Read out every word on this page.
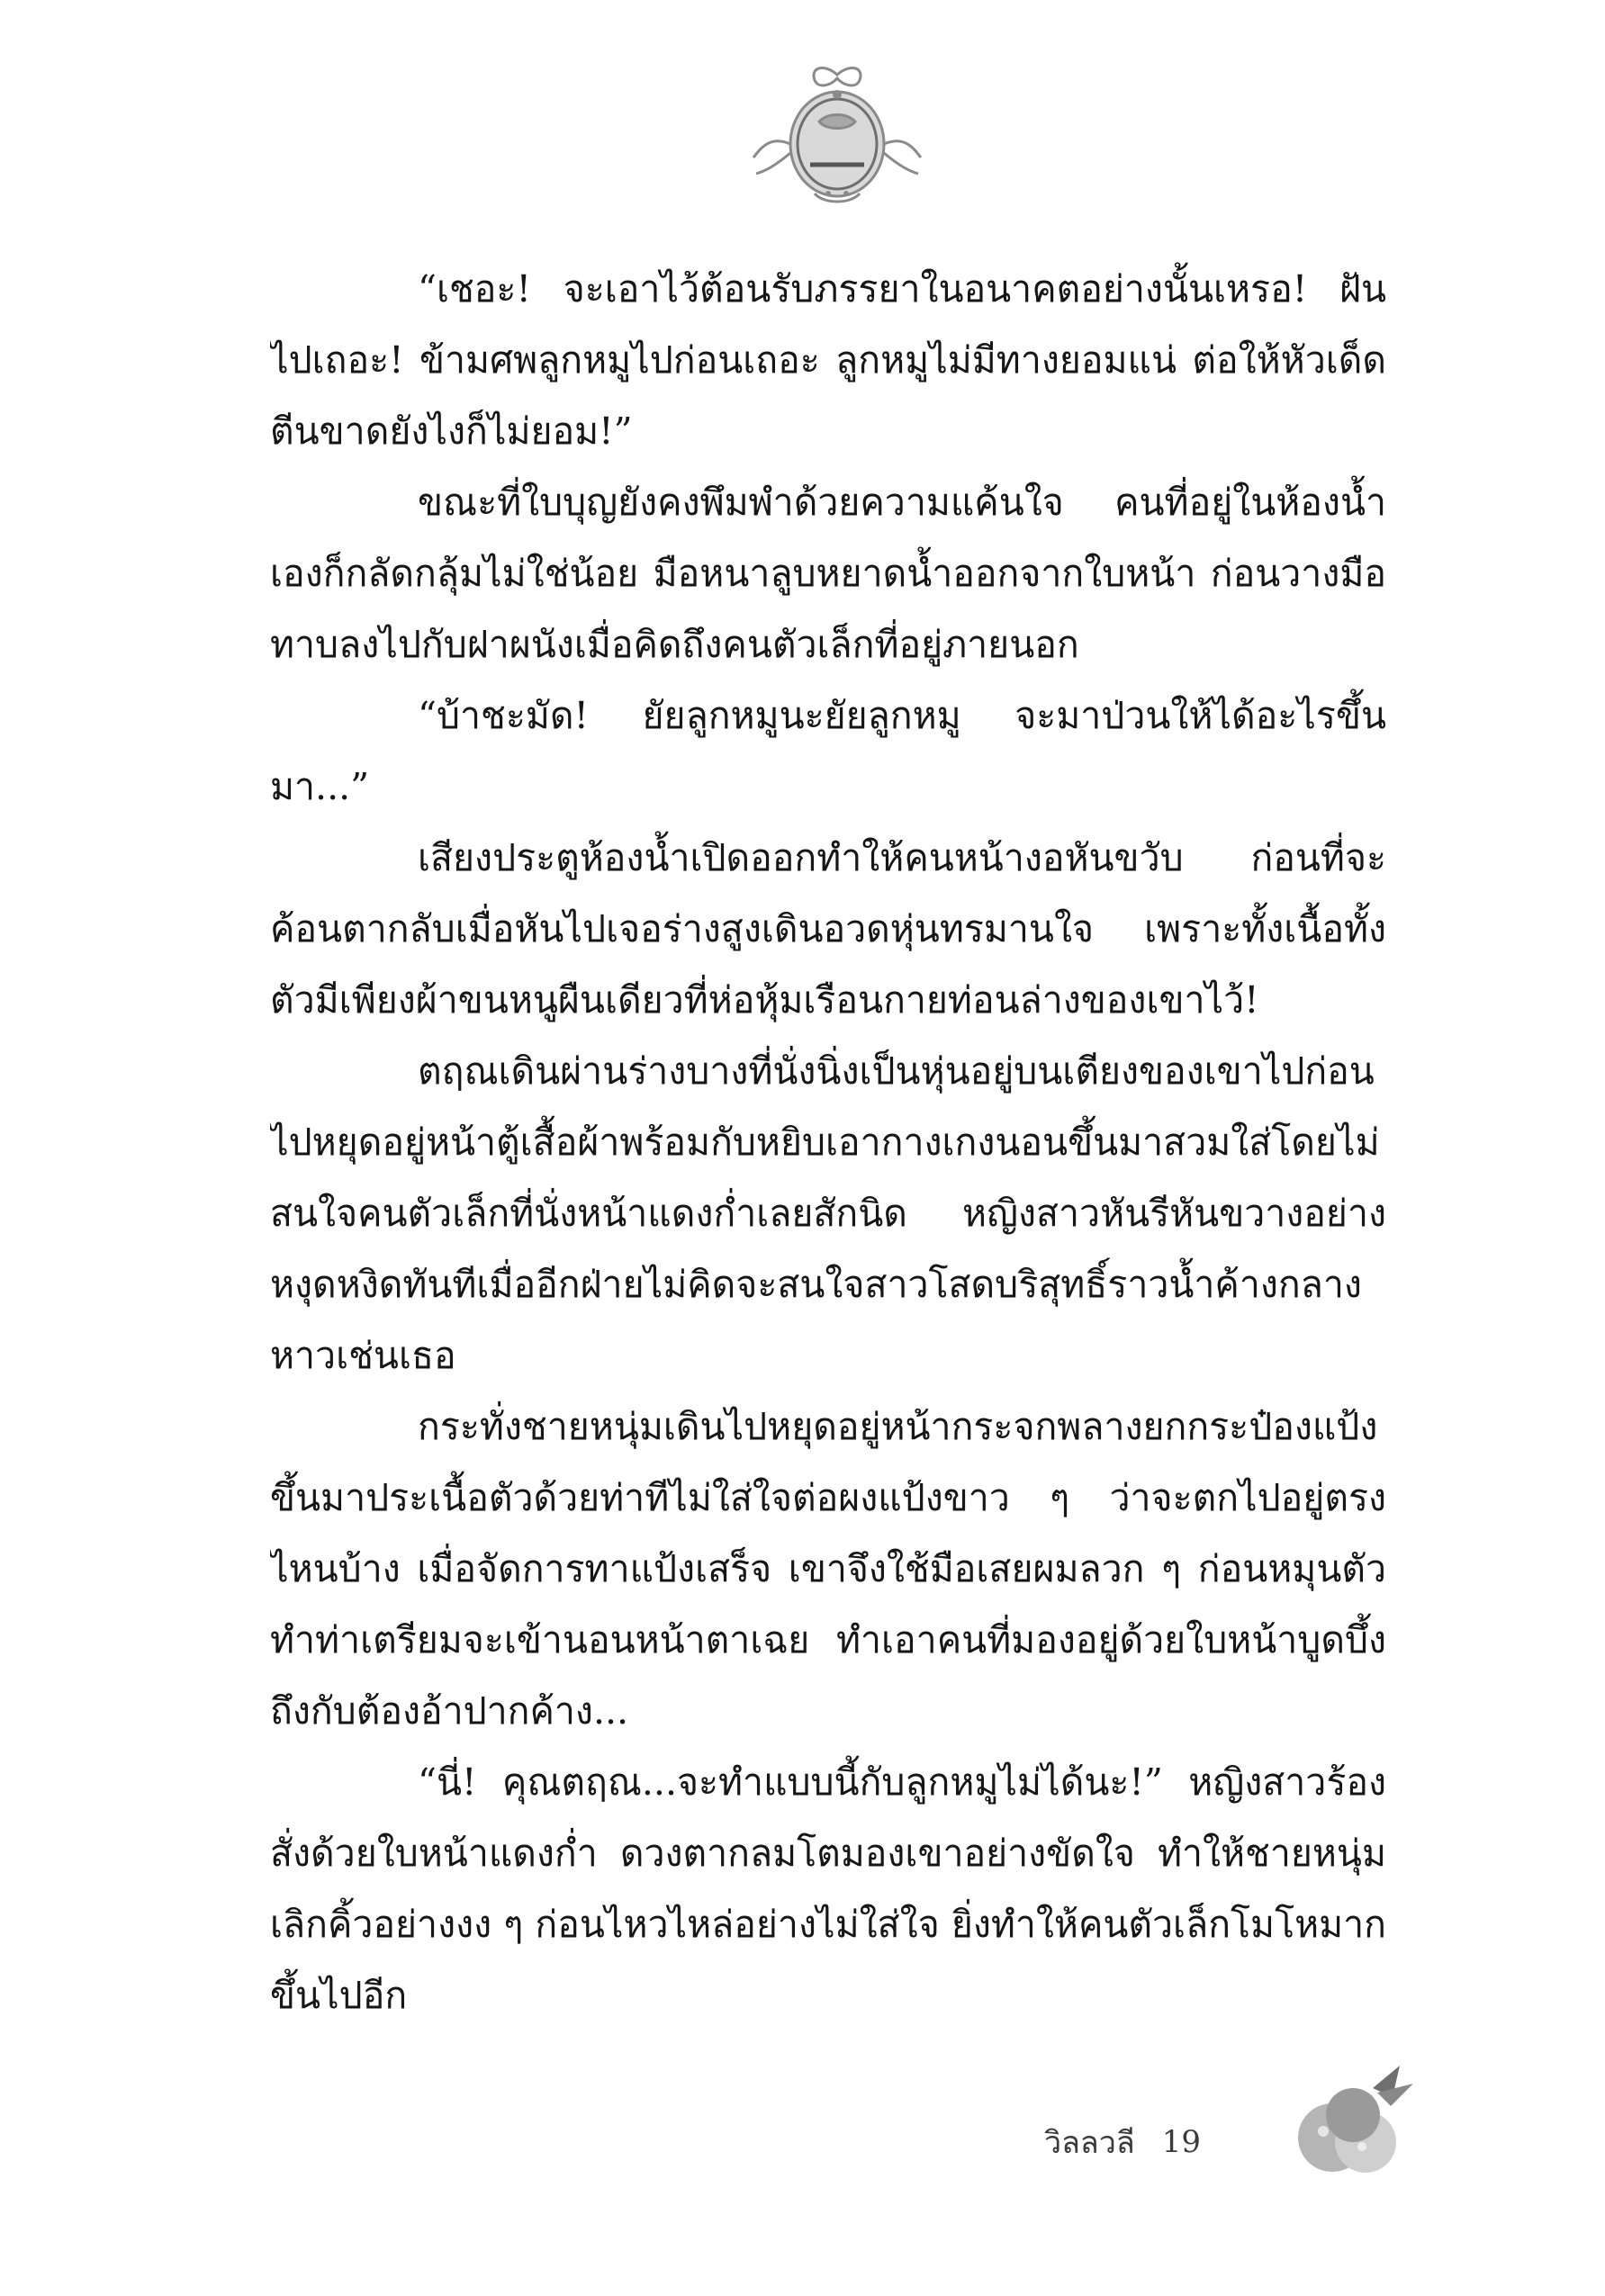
“เชอะ! จะเอาไว้ต้อนรับภรรยาในอนาคตอย่างนั้นเหรอ! ฝันไปเถอะ! ข้ามศพลูกหมูไปก่อนเถอะ ลูกหมูไม่มีทางยอมแน่ ต่อให้หัวเด็ดตีนขาดยังไงก็ไม่ยอม!”

ขณะที่ใบบุญยังคงพึมพำด้วยความแค้นใจ คนที่อยู่ในห้องน้ำเองก็กลัดกลุ้มไม่ใช่น้อย มือหนาลูบหยาดน้ำออกจากใบหน้า ก่อนวางมือทาบลงไปกับฝาผนังเมื่อคิดถึงคนตัวเล็กที่อยู่ภายนอก

“บ้าชะมัด! ยัยลูกหมูนะยัยลูกหมู จะมาป่วนให้ได้อะไรขึ้นมา...”

เสียงประตูห้องน้ำเปิดออกทำให้คนหน้างอหันขวับ ก่อนที่จะค้อนตากลับเมื่อหันไปเจอร่างสูงเดินอวดหุ่นทรมานใจ เพราะทั้งเนื้อทั้งตัวมีเพียงผ้าขนหนูผืนเดียวที่ห่อหุ้มเรือนกายท่อนล่างของเขาไว้!

ตฤณเดินผ่านร่างบางที่นั่งนิ่งเป็นหุ่นอยู่บนเตียงของเขาไปก่อนไปหยุดอยู่หน้าตู้เสื้อผ้าพร้อมกับหยิบเอากางเกงนอนขึ้นมาสวมใส่โดยไม่สนใจคนตัวเล็กที่นั่งหน้าแดงก่ำเลยสักนิด หญิงสาวหันรีหันขวางอย่างหงุดหงิดทันทีเมื่ออีกฝ่ายไม่คิดจะสนใจสาวโสดบริสุทธิ์ราวน้ำค้างกลางหาวเช่นเธอ

กระทั่งชายหนุ่มเดินไปหยุดอยู่หน้ากระจกพลางยกกระป๋องแป้งขึ้นมาประเนื้อตัวด้วยท่าทีไม่ใส่ใจต่อผงแป้งขาว ๆ ว่าจะตกไปอยู่ตรงไหนบ้าง เมื่อจัดการทาแป้งเสร็จ เขาจึงใช้มือเสยผมลวก ๆ ก่อนหมุนตัวทำท่าเตรียมจะเข้านอนหน้าตาเฉย ทำเอาคนที่มองอยู่ด้วยใบหน้าบูดบึ้งถึงกับต้องอ้าปากค้าง...

“นี่! คุณตฤณ...จะทำแบบนี้กับลูกหมูไม่ได้นะ!” หญิงสาวร้องสั่งด้วยใบหน้าแดงก่ำ ดวงตากลมโตมองเขาอย่างขัดใจ ทำให้ชายหนุ่มเลิกคิ้วอย่างงง ๆ ก่อนไหวไหล่อย่างไม่ใส่ใจ ยิ่งทำให้คนตัวเล็กโมโหมากขึ้นไปอีก

วิลลวลี 19
